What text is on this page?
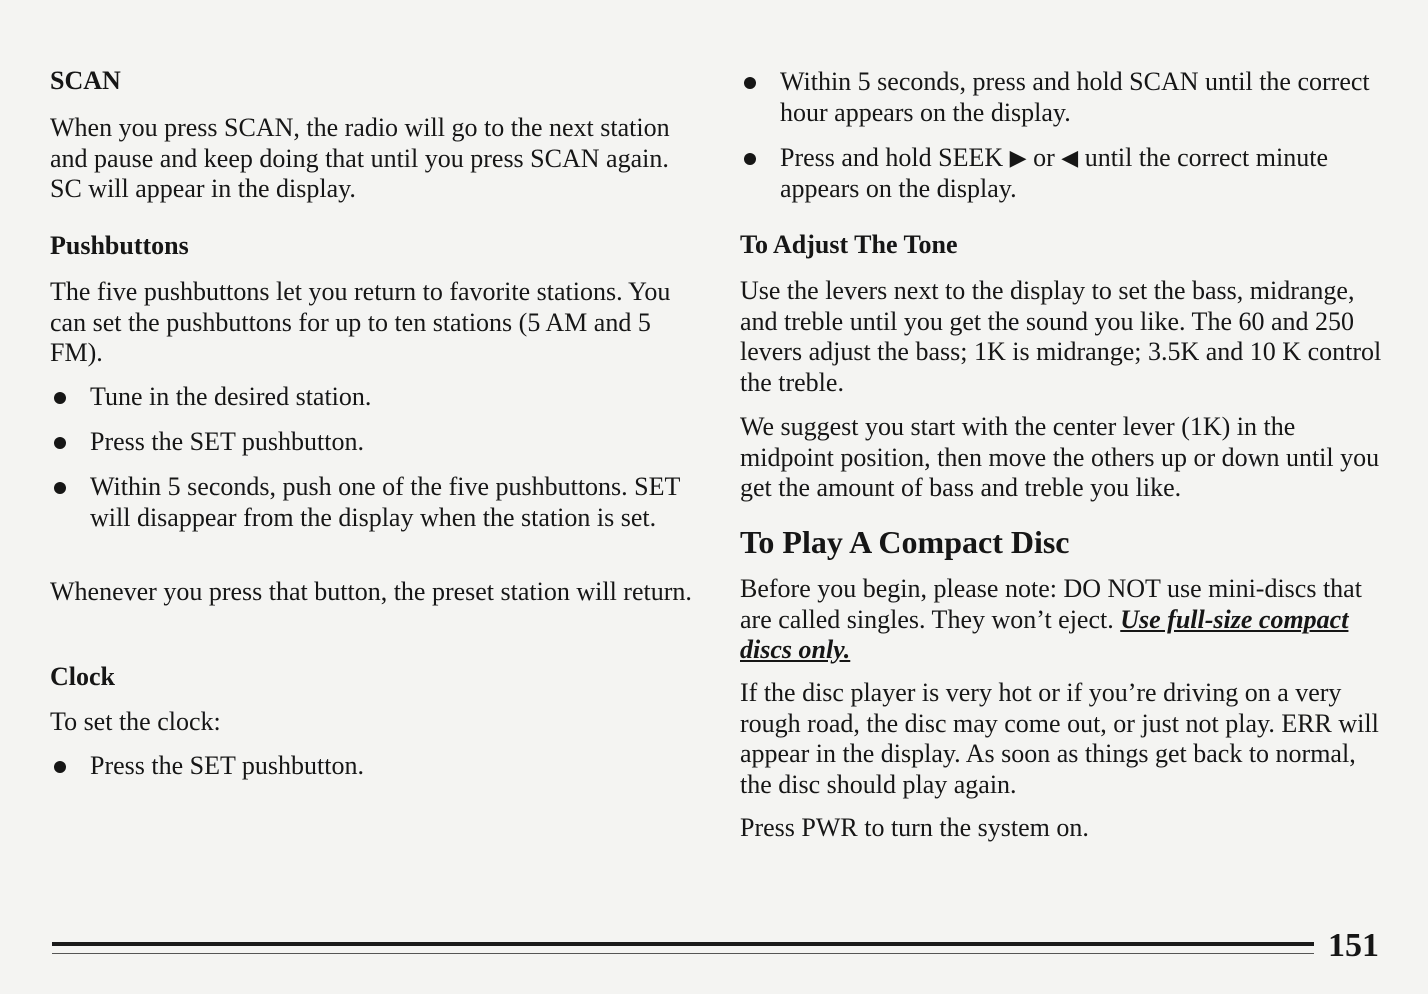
SCAN
When you press SCAN, the radio will go to the next station and pause and keep doing that until you press SCAN again. SC will appear in the display.
Pushbuttons
The five pushbuttons let you return to favorite stations. You can set the pushbuttons for up to ten stations (5 AM and 5 FM).
Tune in the desired station.
Press the SET pushbutton.
Within 5 seconds, push one of the five pushbuttons. SET will disappear from the display when the station is set.
Whenever you press that button, the preset station will return.
Clock
To set the clock:
Press the SET pushbutton.
Within 5 seconds, press and hold SCAN until the correct hour appears on the display.
Press and hold SEEK ▶ or ◀ until the correct minute appears on the display.
To Adjust The Tone
Use the levers next to the display to set the bass, midrange, and treble until you get the sound you like. The 60 and 250 levers adjust the bass; 1K is midrange; 3.5K and 10 K control the treble.
We suggest you start with the center lever (1K) in the midpoint position, then move the others up or down until you get the amount of bass and treble you like.
To Play A Compact Disc
Before you begin, please note: DO NOT use mini-discs that are called singles. They won’t eject. Use full-size compact discs only.
If the disc player is very hot or if you’re driving on a very rough road, the disc may come out, or just not play. ERR will appear in the display. As soon as things get back to normal, the disc should play again.
Press PWR to turn the system on.
151
